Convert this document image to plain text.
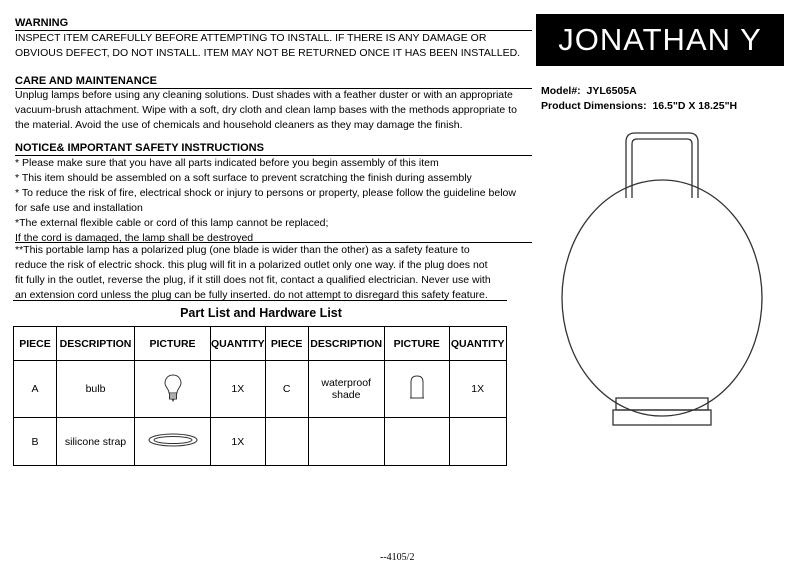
WARNING
INSPECT ITEM CAREFULLY BEFORE ATTEMPTING TO INSTALL. IF THERE IS ANY DAMAGE OR
OBVIOUS DEFECT, DO NOT INSTALL. ITEM MAY NOT BE RETURNED ONCE IT HAS BEEN INSTALLED.
CARE AND MAINTENANCE
Unplug lamps before using any cleaning solutions. Dust shades with a feather duster or with an appropriate
vacuum-brush attachment. Wipe with a soft, dry cloth and clean lamp bases with the methods appropriate to
the material. Avoid the use of chemicals and household cleaners as they may damage the finish.
NOTICE& IMPORTANT SAFETY INSTRUCTIONS
* Please make sure that you have all parts indicated before you begin assembly of this item
* This item should be assembled on a soft surface to prevent scratching the finish during assembly
* To reduce the risk of fire, electrical shock or injury to persons or property, please follow the guideline below
for safe use and installation
*The external flexible cable or cord of this lamp cannot be replaced;
If the cord is damaged, the lamp shall be destroyed
**This portable lamp has a polarized plug (one blade is wider than the other) as a safety feature to
reduce the risk of electric shock. this plug will fit in a polarized outlet only one way. if the plug does not
fit fully in the outlet, reverse the plug, if it still does not fit, contact a qualified electrician. Never use with
an extension cord unless the plug can be fully inserted. do not attempt to disregard this safety feature.
JONATHAN Y
Model#: JYL6505A
Product Dimensions: 16.5"D X 18.25"H
Part List and Hardware List
PIECE	DESCRIPTION	PICTURE	QUANTITY	PIECE	DESCRIPTION	PICTURE	QUANTITY
A	bulb		1X	C	waterproof shade		1X
B	silicone strap		1X				
--4105/2
